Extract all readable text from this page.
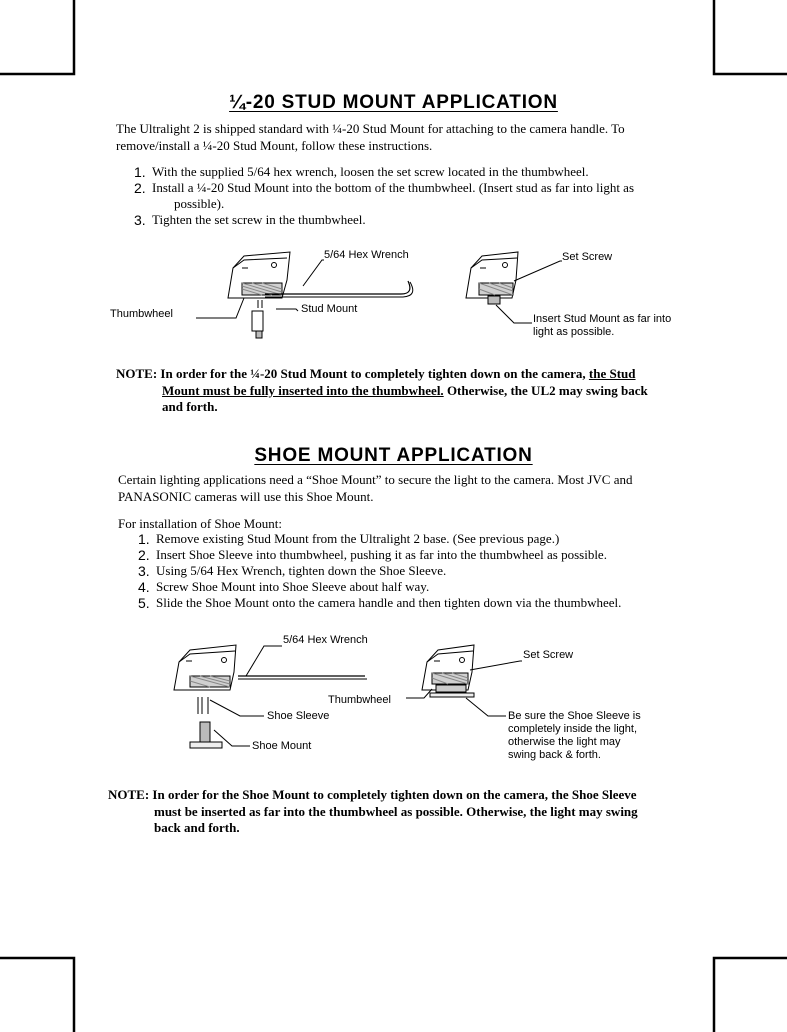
¼-20 STUD MOUNT APPLICATION

The Ultralight 2 is shipped standard with ¼-20 Stud Mount for attaching to the camera handle. To
remove/install a ¼-20 Stud Mount, follow these instructions.

1. With the supplied 5/64 hex wrench, loosen the set screw located in the thumbwheel.
2. Install a ¼-20 Stud Mount into the bottom of the thumbwheel. (Insert stud as far into light as
possible).
3. Tighten the set screw in the thumbwheel.
5/64 Hex Wrench	Set Screw
Thumbwheel	Stud Mount
Insert Stud Mount as far into
light as possible.
NOTE: In order for the ¼-20 Stud Mount to completely tighten down on the camera, the Stud
Mount must be fully inserted into the thumbwheel. Otherwise, the UL2 may swing back
and forth.
SHOE MOUNT APPLICATION

Certain lighting applications need a “Shoe Mount” to secure the light to the camera. Most JVC and
PANASONIC cameras will use this Shoe Mount.

For installation of Shoe Mount:

1. Remove existing Stud Mount from the Ultralight 2 base. (See previous page.)
2. Insert Shoe Sleeve into thumbwheel, pushing it as far into the thumbwheel as possible.
3. Using 5/64 Hex Wrench, tighten down the Shoe Sleeve.
4. Screw Shoe Mount into Shoe Sleeve about half way.
5. Slide the Shoe Mount onto the camera handle and then tighten down via the thumbwheel.
5/64 Hex Wrench
Set Screw
Thumbwheel
Shoe Sleeve
Shoe Mount
Be sure the Shoe Sleeve is
completely inside the light,
otherwise the light may
swing back & forth.
NOTE: In order for the Shoe Mount to completely tighten down on the camera, the Shoe Sleeve
must be inserted as far into the thumbwheel as possible. Otherwise, the light may swing
back and forth.
